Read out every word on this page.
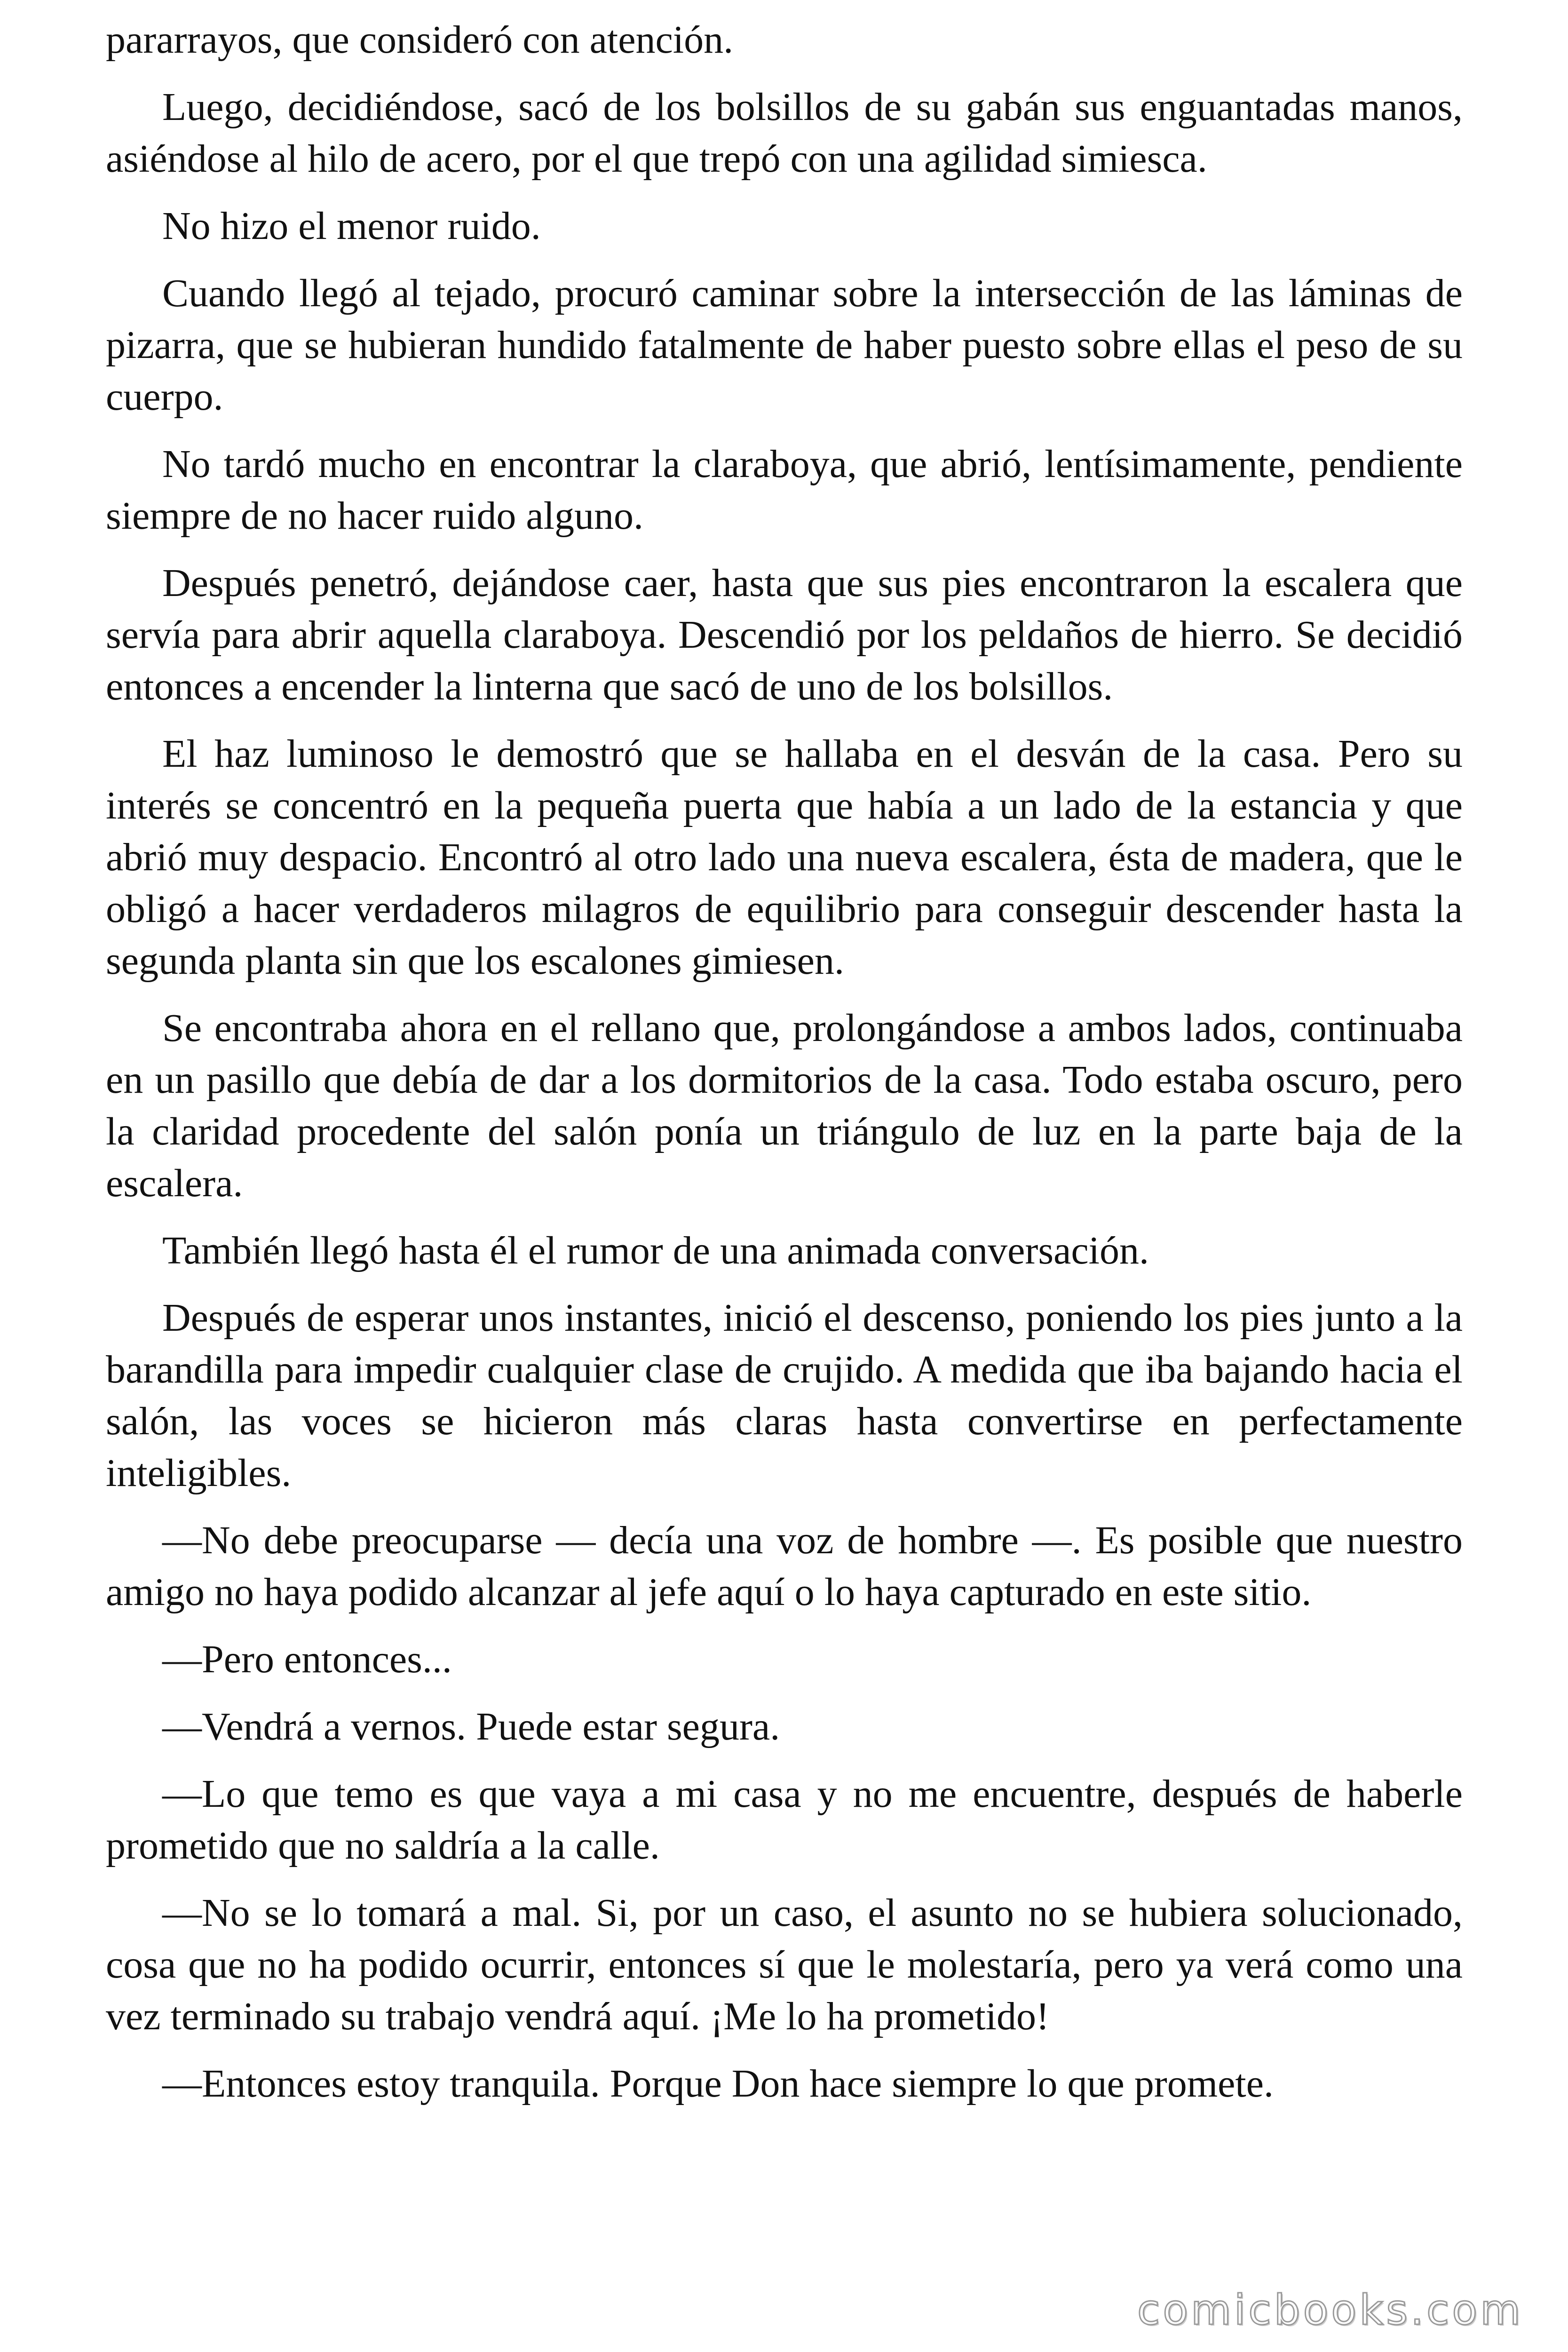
pararrayos, que consideró con atención.

Luego, decidiéndose, sacó de los bolsillos de su gabán sus enguantadas manos, asiéndose al hilo de acero, por el que trepó con una agilidad simiesca.

No hizo el menor ruido.

Cuando llegó al tejado, procuró caminar sobre la intersección de las láminas de pizarra, que se hubieran hundido fatalmente de haber puesto sobre ellas el peso de su cuerpo.

No tardó mucho en encontrar la claraboya, que abrió, lentísimamente, pendiente siempre de no hacer ruido alguno.

Después penetró, dejándose caer, hasta que sus pies encontraron la escalera que servía para abrir aquella claraboya. Descendió por los peldaños de hierro. Se decidió entonces a encender la linterna que sacó de uno de los bolsillos.

El haz luminoso le demostró que se hallaba en el desván de la casa. Pero su interés se concentró en la pequeña puerta que había a un lado de la estancia y que abrió muy despacio. Encontró al otro lado una nueva escalera, ésta de madera, que le obligó a hacer verdaderos milagros de equilibrio para conseguir descender hasta la segunda planta sin que los escalones gimiesen.

Se encontraba ahora en el rellano que, prolongándose a ambos lados, continuaba en un pasillo que debía de dar a los dormitorios de la casa. Todo estaba oscuro, pero la claridad procedente del salón ponía un triángulo de luz en la parte baja de la escalera.

También llegó hasta él el rumor de una animada conversación.

Después de esperar unos instantes, inició el descenso, poniendo los pies junto a la barandilla para impedir cualquier clase de crujido. A medida que iba bajando hacia el salón, las voces se hicieron más claras hasta convertirse en perfectamente inteligibles.

—No debe preocuparse — decía una voz de hombre —. Es posible que nuestro amigo no haya podido alcanzar al jefe aquí o lo haya capturado en este sitio.

—Pero entonces...

—Vendrá a vernos. Puede estar segura.

—Lo que temo es que vaya a mi casa y no me encuentre, después de haberle prometido que no saldría a la calle.

—No se lo tomará a mal. Si, por un caso, el asunto no se hubiera solucionado, cosa que no ha podido ocurrir, entonces sí que le molestaría, pero ya verá como una vez terminado su trabajo vendrá aquí. ¡Me lo ha prometido!

—Entonces estoy tranquila. Porque Don hace siempre lo que promete.

comicbooks.com
